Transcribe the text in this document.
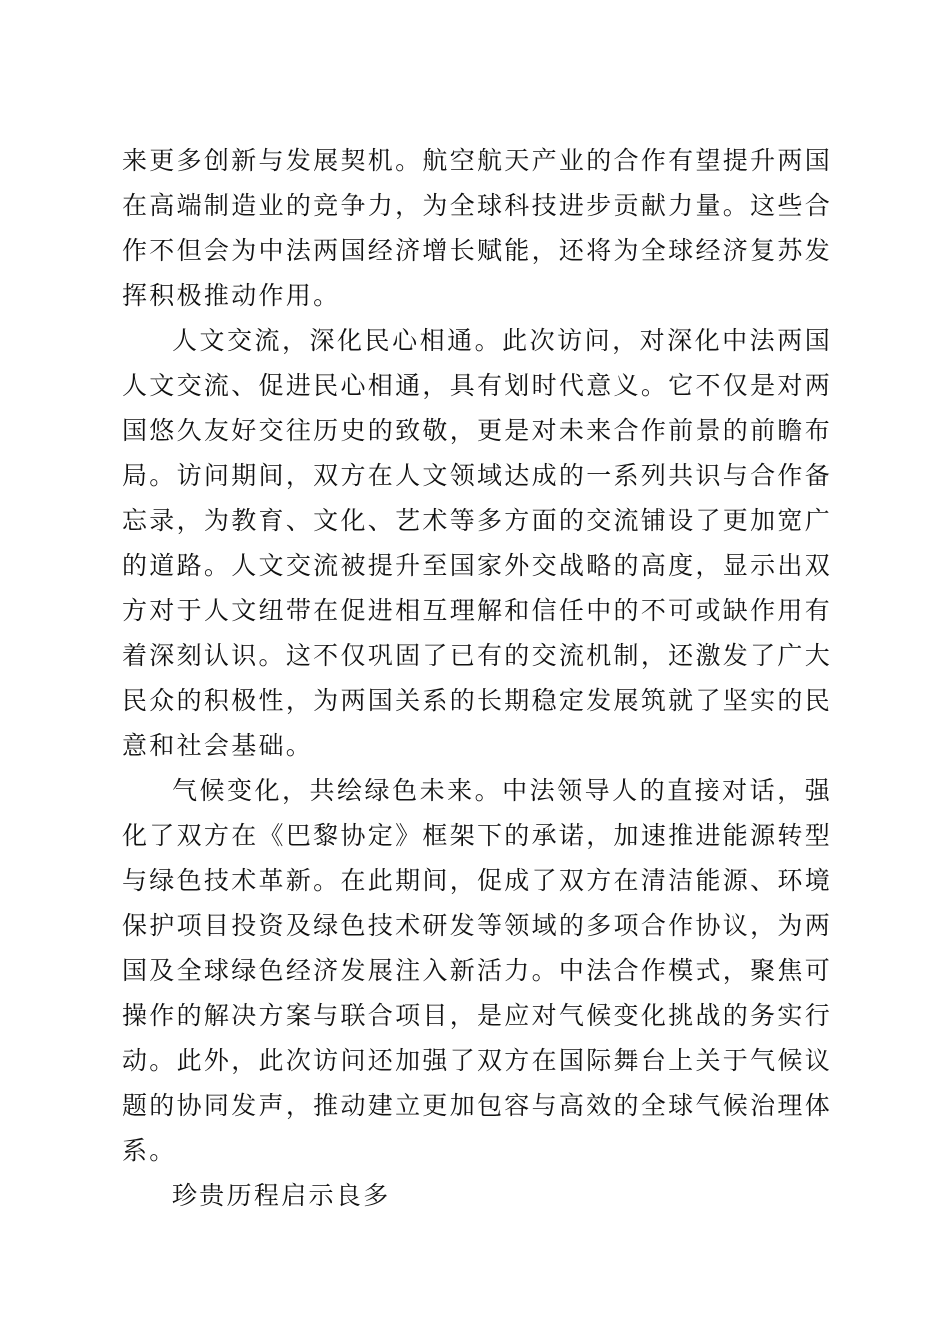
来更多创新与发展契机。航空航天产业的合作有望提升两国在高端制造业的竞争力，为全球科技进步贡献力量。这些合作不但会为中法两国经济增长赋能，还将为全球经济复苏发挥积极推动作用。

人文交流，深化民心相通。此次访问，对深化中法两国人文交流、促进民心相通，具有划时代意义。它不仅是对两国悠久友好交往历史的致敬，更是对未来合作前景的前瞻布局。访问期间，双方在人文领域达成的一系列共识与合作备忘录，为教育、文化、艺术等多方面的交流铺设了更加宽广的道路。人文交流被提升至国家外交战略的高度，显示出双方对于人文纽带在促进相互理解和信任中的不可或缺作用有着深刻认识。这不仅巩固了已有的交流机制，还激发了广大民众的积极性，为两国关系的长期稳定发展筑就了坚实的民意和社会基础。

气候变化，共绘绿色未来。中法领导人的直接对话，强化了双方在《巴黎协定》框架下的承诺，加速推进能源转型与绿色技术革新。在此期间，促成了双方在清洁能源、环境保护项目投资及绿色技术研发等领域的多项合作协议，为两国及全球绿色经济发展注入新活力。中法合作模式，聚焦可操作的解决方案与联合项目，是应对气候变化挑战的务实行动。此外，此次访问还加强了双方在国际舞台上关于气候议题的协同发声，推动建立更加包容与高效的全球气候治理体系。

珍贵历程启示良多
